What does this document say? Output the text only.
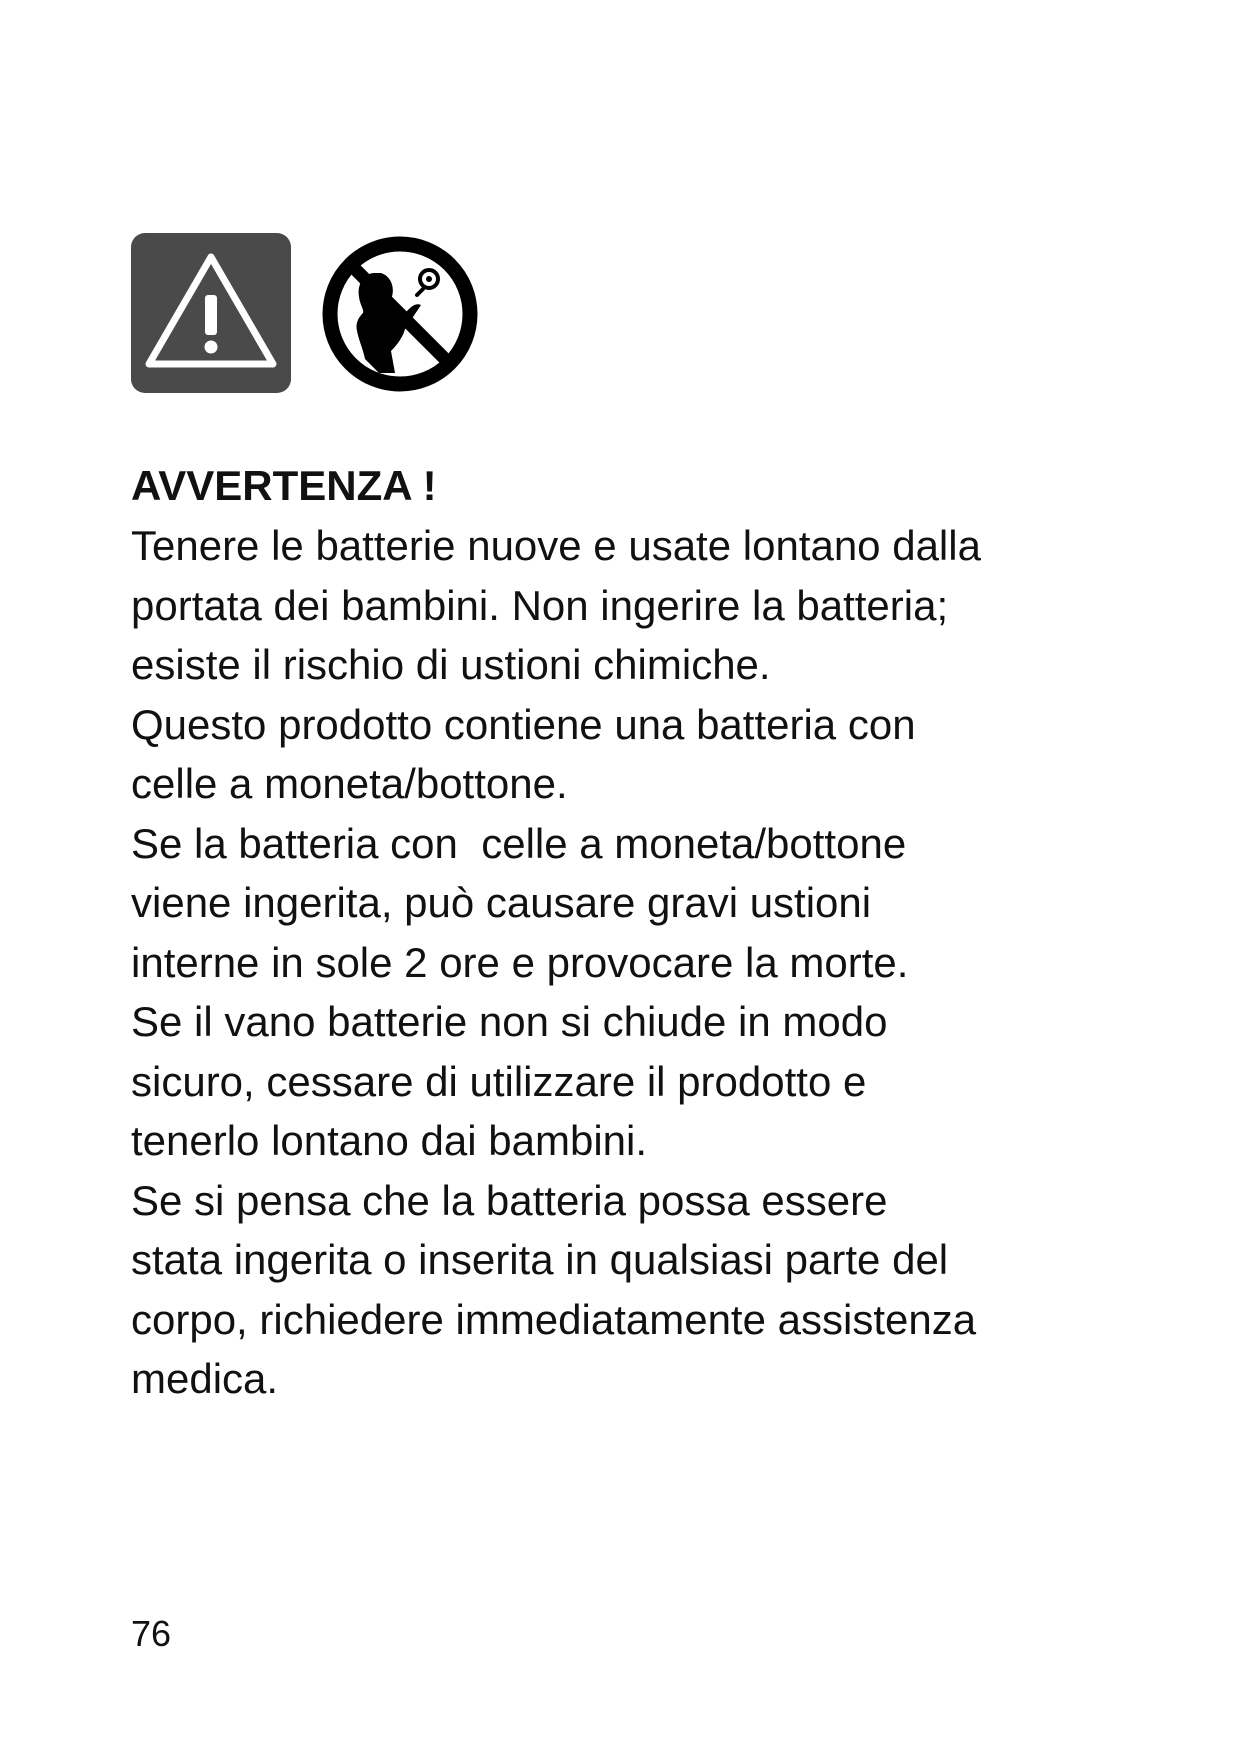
AVVERTENZA !

Tenere le batterie nuove e usate lontano dalla

portata dei bambini. Non ingerire la batteria;

esiste il rischio di ustioni chimiche.

Questo prodotto contiene una batteria con

celle a moneta/bottone.

Se la batteria con  celle a moneta/bottone

viene ingerita, può causare gravi ustioni

interne in sole 2 ore e provocare la morte.

Se il vano batterie non si chiude in modo

sicuro, cessare di utilizzare il prodotto e

tenerlo lontano dai bambini.

Se si pensa che la batteria possa essere

stata ingerita o inserita in qualsiasi parte del

corpo, richiedere immediatamente assistenza

medica.

76
